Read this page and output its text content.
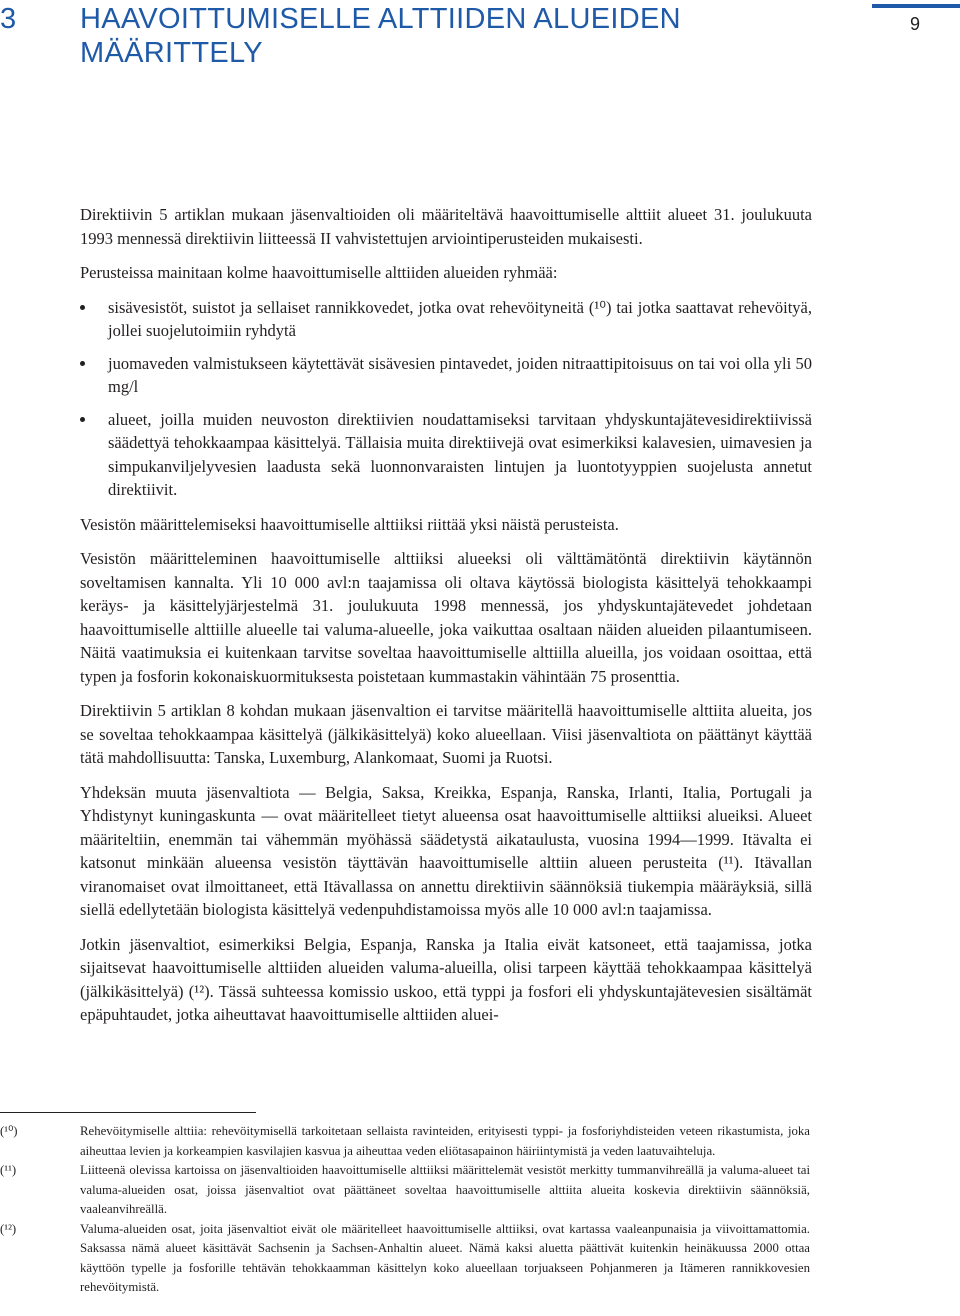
3 HAAVOITTUMISELLE ALTTIIDEN ALUEIDEN MÄÄRITTELY
9

Direktiivin 5 artiklan mukaan jäsenvaltioiden oli määriteltävä haavoittumiselle alttiit alueet 31. joulukuuta 1993 mennessä direktiivin liitteessä II vahvistettujen arviointiperusteiden mukaisesti.

Perusteissa mainitaan kolme haavoittumiselle alttiiden alueiden ryhmää:

sisävesistöt, suistot ja sellaiset rannikkovedet, jotka ovat rehevöityneitä (¹⁰) tai jotka saattavat rehevöityä, jollei suojelutoimiin ryhdytä
juomaveden valmistukseen käytettävät sisävesien pintavedet, joiden nitraattipitoisuus on tai voi olla yli 50 mg/l
alueet, joilla muiden neuvoston direktiivien noudattamiseksi tarvitaan yhdyskuntajätevesidirektiivissä säädettyä tehokkaampaa käsittelyä. Tällaisia muita direktiivejä ovat esimerkiksi kalavesien, uimavesien ja simpukanviljelyvesien laadusta sekä luonnonvaraisten lintujen ja luontotyyppien suojelusta annetut direktiivit.

Vesistön määrittelemiseksi haavoittumiselle alttiiksi riittää yksi näistä perusteista.

Vesistön määritteleminen haavoittumiselle alttiiksi alueeksi oli välttämätöntä direktiivin käytännön soveltamisen kannalta. Yli 10 000 avl:n taajamissa oli oltava käytössä biologista käsittelyä tehokkaampi keräys- ja käsittelyjärjestelmä 31. joulukuuta 1998 mennessä, jos yhdyskuntajätevedet johdetaan haavoittumiselle alttiille alueelle tai valuma-alueelle, joka vaikuttaa osaltaan näiden alueiden pilaantumiseen. Näitä vaatimuksia ei kuitenkaan tarvitse soveltaa haavoittumiselle alttiilla alueilla, jos voidaan osoittaa, että typen ja fosforin kokonaiskuormituksesta poistetaan kummastakin vähintään 75 prosenttia.

Direktiivin 5 artiklan 8 kohdan mukaan jäsenvaltion ei tarvitse määritellä haavoittumiselle alttiita alueita, jos se soveltaa tehokkaampaa käsittelyä (jälkikäsittelyä) koko alueellaan. Viisi jäsenvaltiota on päättänyt käyttää tätä mahdollisuutta: Tanska, Luxemburg, Alankomaat, Suomi ja Ruotsi.

Yhdeksän muuta jäsenvaltiota — Belgia, Saksa, Kreikka, Espanja, Ranska, Irlanti, Italia, Portugali ja Yhdistynyt kuningaskunta — ovat määritelleet tietyt alueensa osat haavoittumiselle alttiiksi alueiksi. Alueet määriteltiin, enemmän tai vähemmän myöhässä säädetystä aikataulusta, vuosina 1994—1999. Itävalta ei katsonut minkään alueensa vesistön täyttävän haavoittumiselle alttiin alueen perusteita (¹¹). Itävallan viranomaiset ovat ilmoittaneet, että Itävallassa on annettu direktiivin säännöksiä tiukempia määräyksiä, sillä siellä edellytetään biologista käsittelyä vedenpuhdistamoissa myös alle 10 000 avl:n taajamissa.

Jotkin jäsenvaltiot, esimerkiksi Belgia, Espanja, Ranska ja Italia eivät katsoneet, että taajamissa, jotka sijaitsevat haavoittumiselle alttiiden alueiden valuma-alueilla, olisi tarpeen käyttää tehokkaampaa käsittelyä (jälkikäsittelyä) (¹²). Tässä suhteessa komissio uskoo, että typpi ja fosfori eli yhdyskuntajätevesien sisältämät epäpuhtaudet, jotka aiheuttavat haavoittumiselle alttiiden aluei-

(¹⁰)	Rehevöitymiselle alttiia: rehevöitymisellä tarkoitetaan sellaista ravinteiden, erityisesti typpi- ja fosforiyhdisteiden veteen rikastumista, joka aiheuttaa levien ja korkeampien kasvilajien kasvua ja aiheuttaa veden eliötasapainon häiriintymistä ja veden laatuvaihteluja.
(¹¹)	Liitteenä olevissa kartoissa on jäsenvaltioiden haavoittumiselle alttiiksi määrittelemät vesistöt merkitty tummanvihreällä ja valuma-alueet tai valuma-alueiden osat, joissa jäsenvaltiot ovat päättäneet soveltaa haavoittumiselle alttiita alueita koskevia direktiivin säännöksiä, vaaleanvihreällä.
(¹²)	Valuma-alueiden osat, joita jäsenvaltiot eivät ole määritelleet haavoittumiselle alttiiksi, ovat kartassa vaaleanpunaisia ja viivoittamattomia. Saksassa nämä alueet käsittävät Sachsenin ja Sachsen-Anhaltin alueet. Nämä kaksi aluetta päättivät kuitenkin heinäkuussa 2000 ottaa käyttöön typelle ja fosforille tehtävän tehokkaamman käsittelyn koko alueellaan torjuakseen Pohjanmeren ja Itämeren rannikkovesien rehevöitymistä.
